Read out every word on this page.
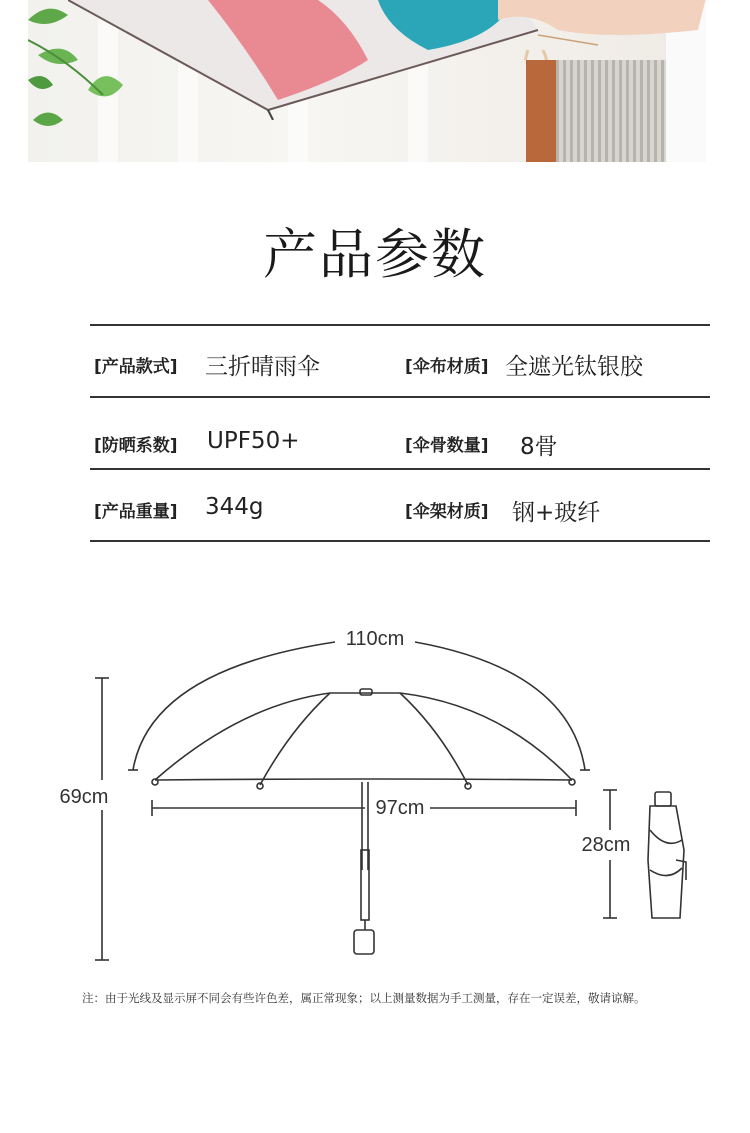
产品参数
[产品款式] 三折晴雨伞	[伞布材质] 全遮光钛银胶
[防晒系数] UPF50+	[伞骨数量] 8骨
[产品重量] 344g	[伞架材质] 钢+玻纤
110cm
97cm
69cm
28cm
注：由于光线及显示屏不同会有些许色差，属正常现象；以上测量数据为手工测量，存在一定误差，敬请谅解。
